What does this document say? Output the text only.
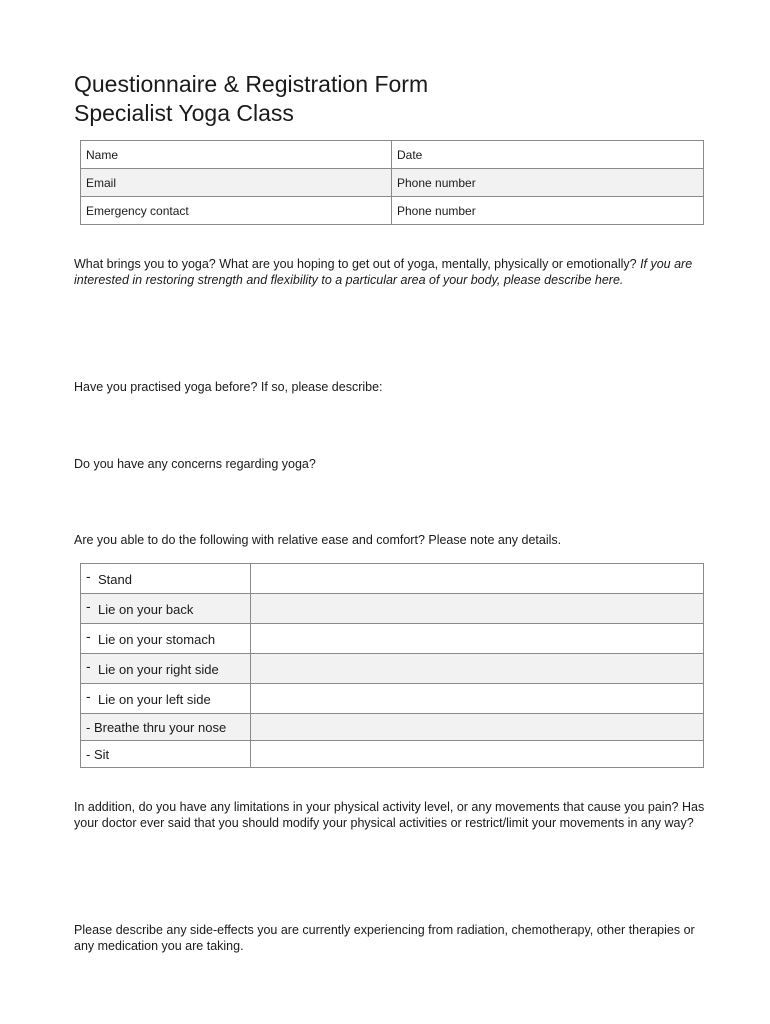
Questionnaire & Registration Form
Specialist Yoga Class
Name	Date
Email	Phone number
Emergency contact	Phone number

What brings you to yoga? What are you hoping to get out of yoga, mentally, physically or emotionally? If you are interested in restoring strength and flexibility to a particular area of your body, please describe here.

Have you practised yoga before? If so, please describe:

Do you have any concerns regarding yoga?

Are you able to do the following with relative ease and comfort? Please note any details.

- Stand	
- Lie on your back	
- Lie on your stomach	
- Lie on your right side	
- Lie on your left side	
- Breathe thru your nose	
- Sit	

In addition, do you have any limitations in your physical activity level, or any movements that cause you pain? Has your doctor ever said that you should modify your physical activities or restrict/limit your movements in any way?

Please describe any side-effects you are currently experiencing from radiation, chemotherapy, other therapies or any medication you are taking.
